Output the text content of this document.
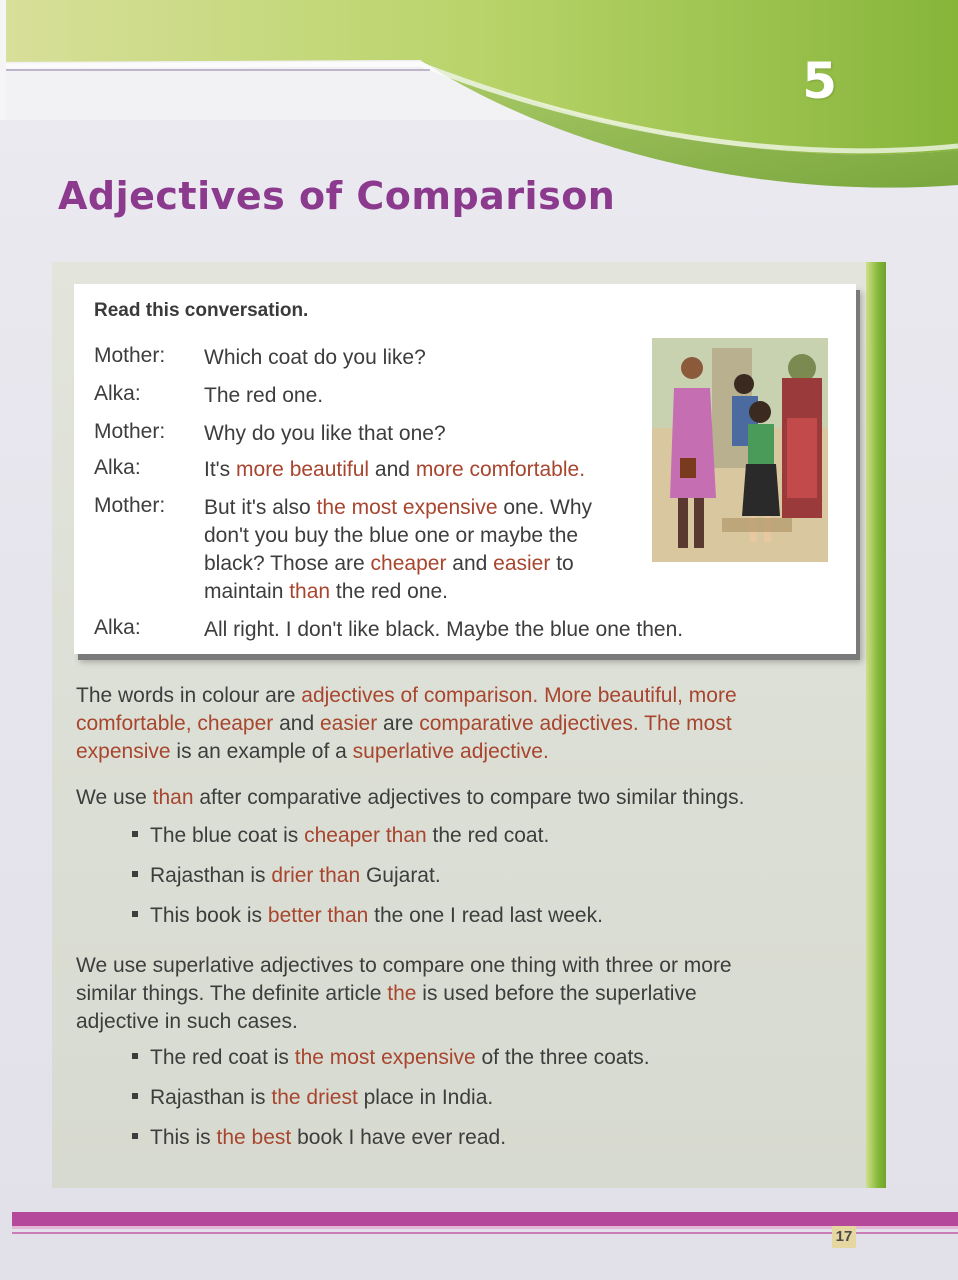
5
Adjectives of Comparison
Read this conversation.
Mother:	Which coat do you like?
Alka:	The red one.
Mother:	Why do you like that one?
Alka:	It's more beautiful and more comfortable.
Mother:	But it's also the most expensive one. Why
don't you buy the blue one or maybe the
black? Those are cheaper and easier to
maintain than the red one.
Alka:	All right. I don't like black. Maybe the blue one then.
The words in colour are adjectives of comparison. More beautiful, more
comfortable, cheaper and easier are comparative adjectives. The most
expensive is an example of a superlative adjective.
We use than after comparative adjectives to compare two similar things.
The blue coat is cheaper than the red coat.
Rajasthan is drier than Gujarat.
This book is better than the one I read last week.
We use superlative adjectives to compare one thing with three or more
similar things. The definite article the is used before the superlative
adjective in such cases.
The red coat is the most expensive of the three coats.
Rajasthan is the driest place in India.
This is the best book I have ever read.
17
